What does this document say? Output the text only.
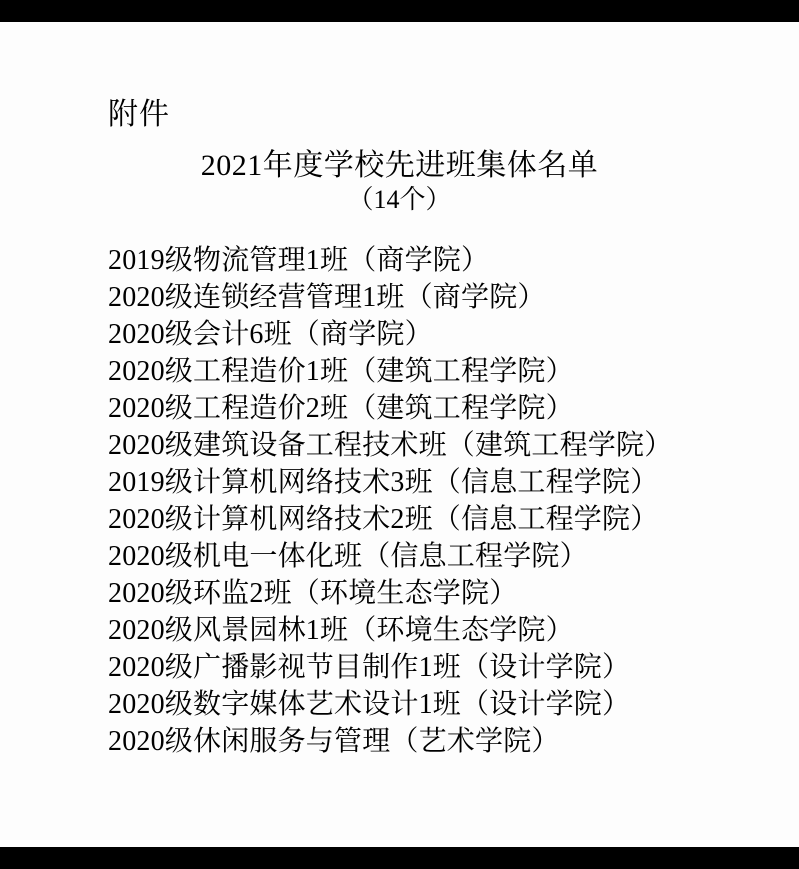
附件
2021年度学校先进班集体名单
（14个）
2019级物流管理1班（商学院）
2020级连锁经营管理1班（商学院）
2020级会计6班（商学院）
2020级工程造价1班（建筑工程学院）
2020级工程造价2班（建筑工程学院）
2020级建筑设备工程技术班（建筑工程学院）
2019级计算机网络技术3班（信息工程学院）
2020级计算机网络技术2班（信息工程学院）
2020级机电一体化班（信息工程学院）
2020级环监2班（环境生态学院）
2020级风景园林1班（环境生态学院）
2020级广播影视节目制作1班（设计学院）
2020级数字媒体艺术设计1班（设计学院）
2020级休闲服务与管理（艺术学院）
